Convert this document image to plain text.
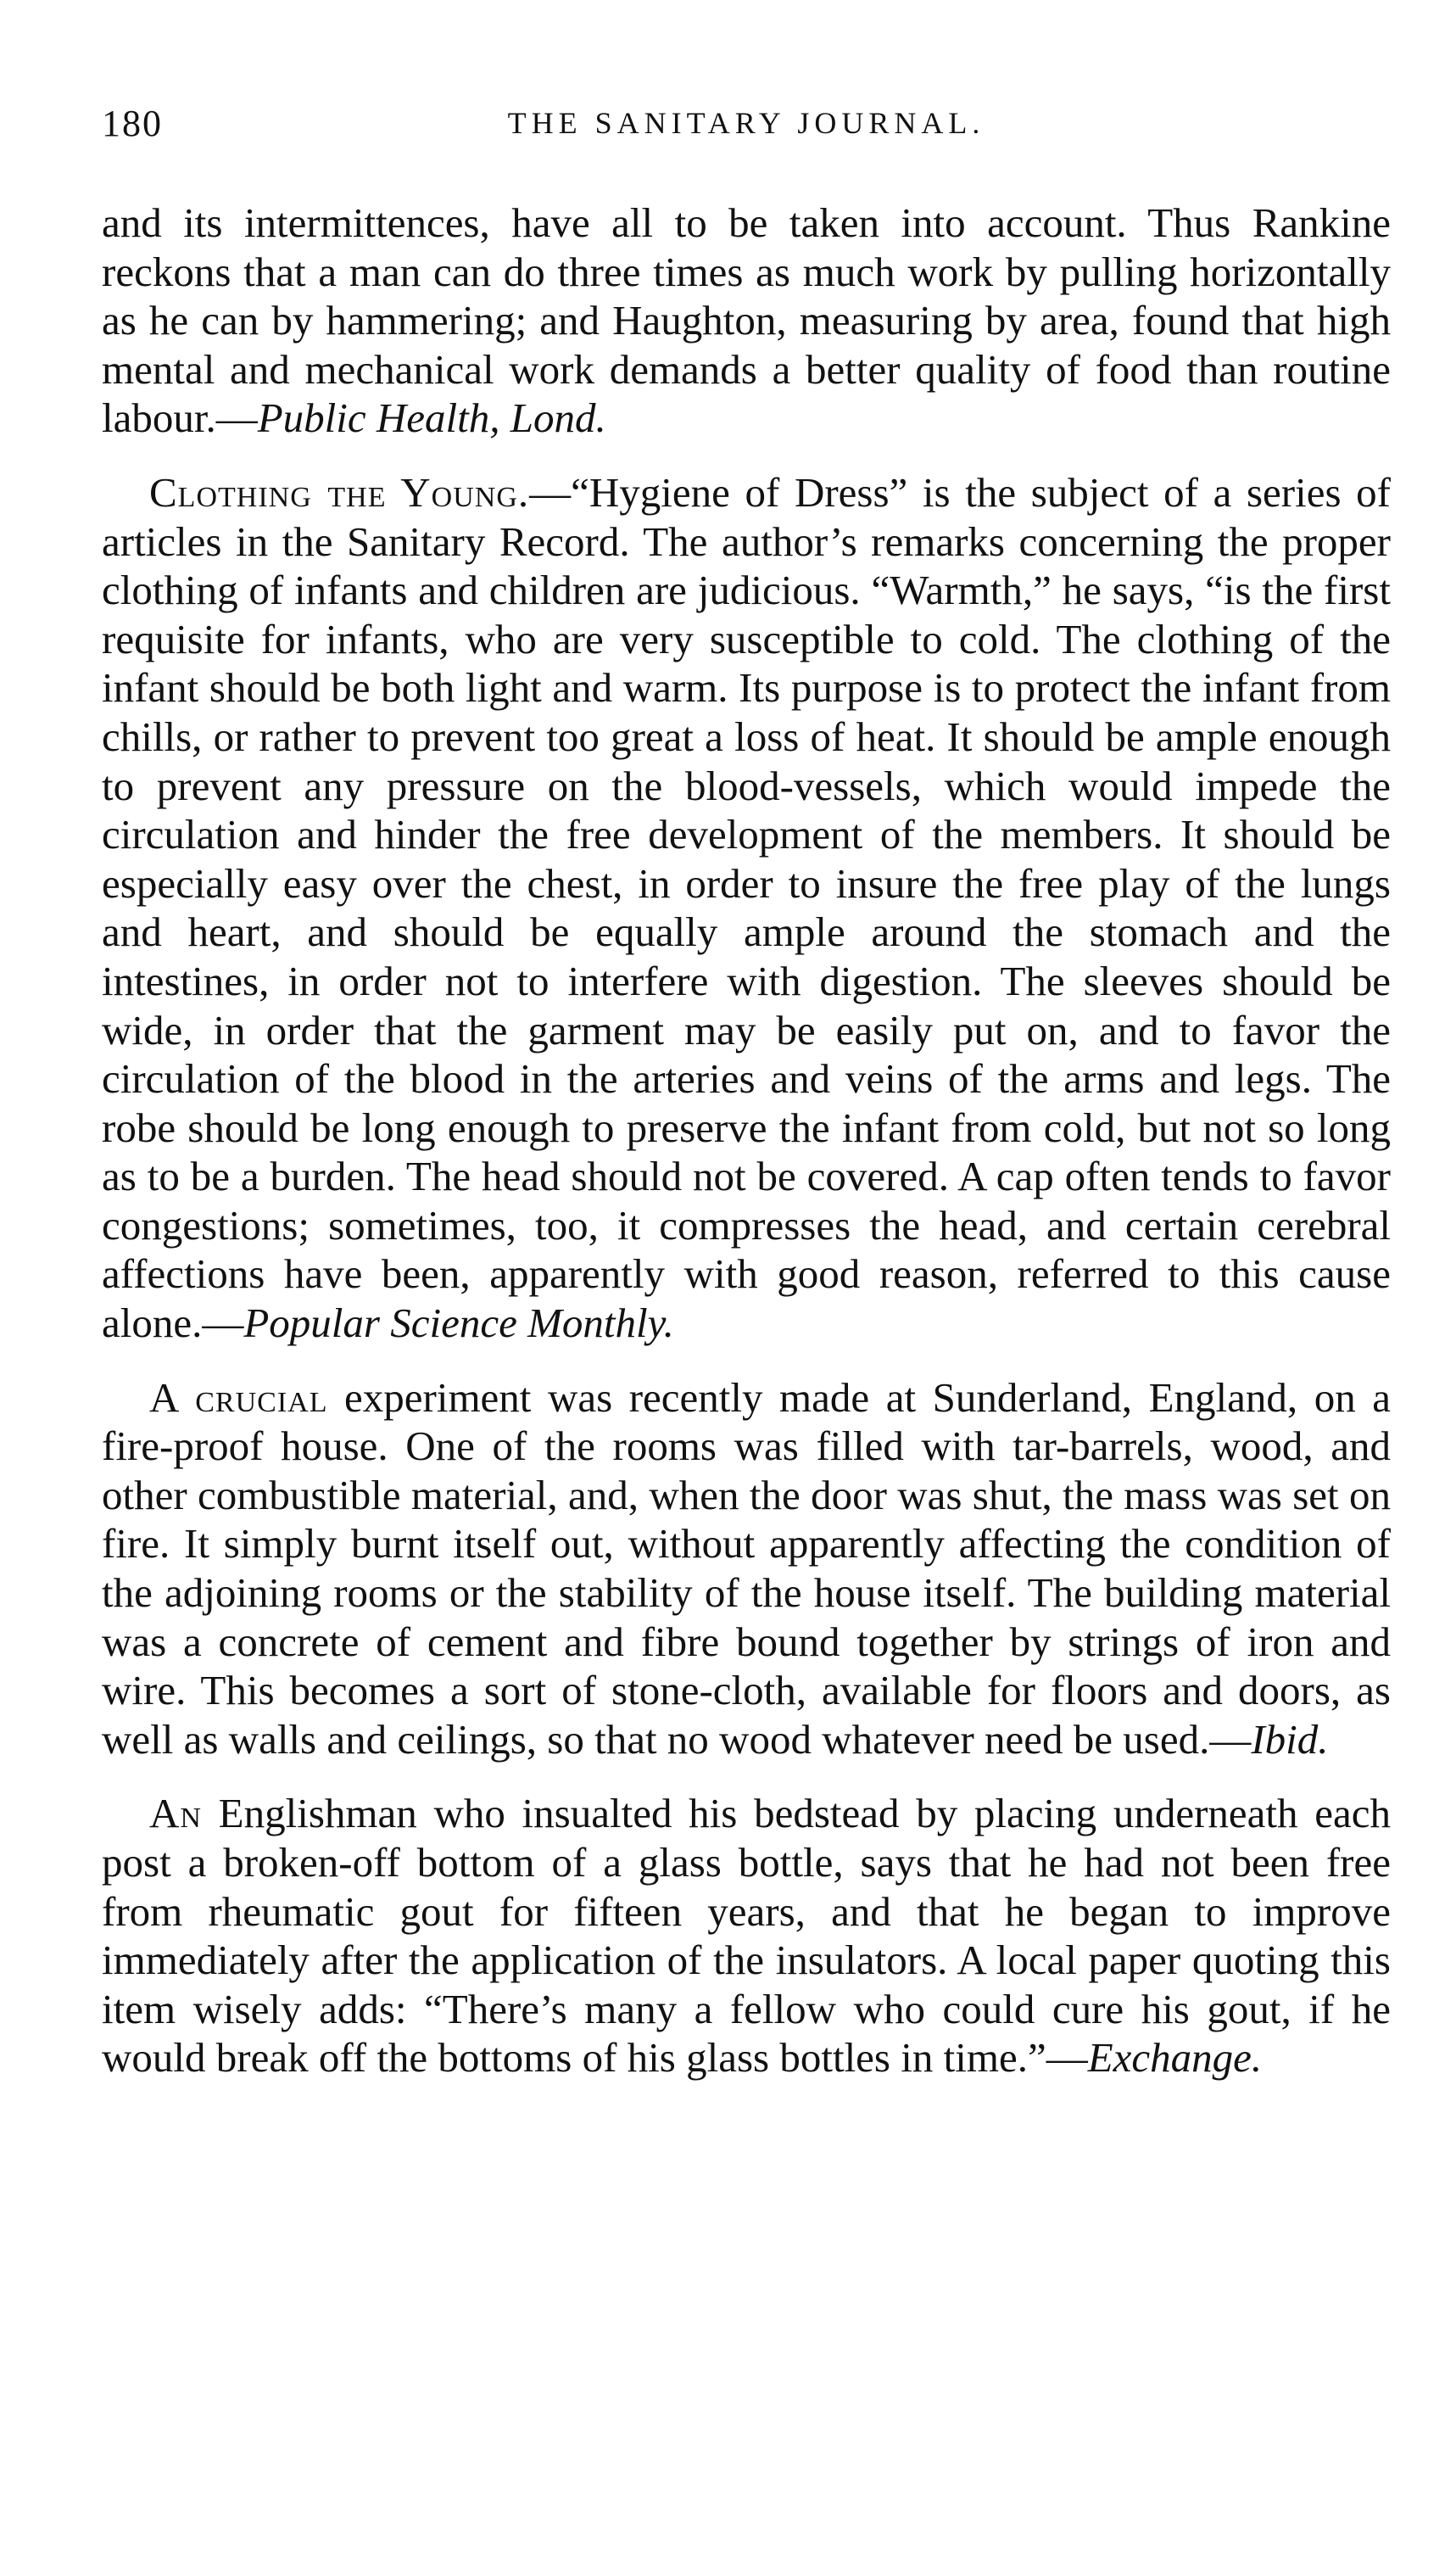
180	THE SANITARY JOURNAL.

and its intermittences, have all to be taken into account. Thus Rankine reckons that a man can do three times as much work by pulling horizontally as he can by hammering; and Haughton, measuring by area, found that high mental and mechanical work demands a better quality of food than routine labour.—Public Health, Lond.

Clothing the Young.—“Hygiene of Dress” is the subject of a series of articles in the Sanitary Record. The author’s remarks concerning the proper clothing of infants and children are judicious. “Warmth,” he says, “is the first requisite for infants, who are very susceptible to cold. The clothing of the infant should be both light and warm. Its purpose is to protect the infant from chills, or rather to prevent too great a loss of heat. It should be ample enough to prevent any pressure on the blood-vessels, which would impede the circulation and hinder the free development of the members. It should be especially easy over the chest, in order to insure the free play of the lungs and heart, and should be equally ample around the stomach and the intestines, in order not to interfere with digestion. The sleeves should be wide, in order that the garment may be easily put on, and to favor the circulation of the blood in the arteries and veins of the arms and legs. The robe should be long enough to preserve the infant from cold, but not so long as to be a burden. The head should not be covered. A cap often tends to favor congestions; sometimes, too, it compresses the head, and certain cerebral affections have been, apparently with good reason, referred to this cause alone.—Popular Science Monthly.

A crucial experiment was recently made at Sunderland, England, on a fire-proof house. One of the rooms was filled with tar-barrels, wood, and other combustible material, and, when the door was shut, the mass was set on fire. It simply burnt itself out, without apparently affecting the condition of the adjoining rooms or the stability of the house itself. The building material was a concrete of cement and fibre bound together by strings of iron and wire. This becomes a sort of stone-cloth, available for floors and doors, as well as walls and ceilings, so that no wood whatever need be used.—Ibid.

An Englishman who insualted his bedstead by placing underneath each post a broken-off bottom of a glass bottle, says that he had not been free from rheumatic gout for fifteen years, and that he began to improve immediately after the application of the insulators. A local paper quoting this item wisely adds: “There’s many a fellow who could cure his gout, if he would break off the bottoms of his glass bottles in time.”—Exchange.
